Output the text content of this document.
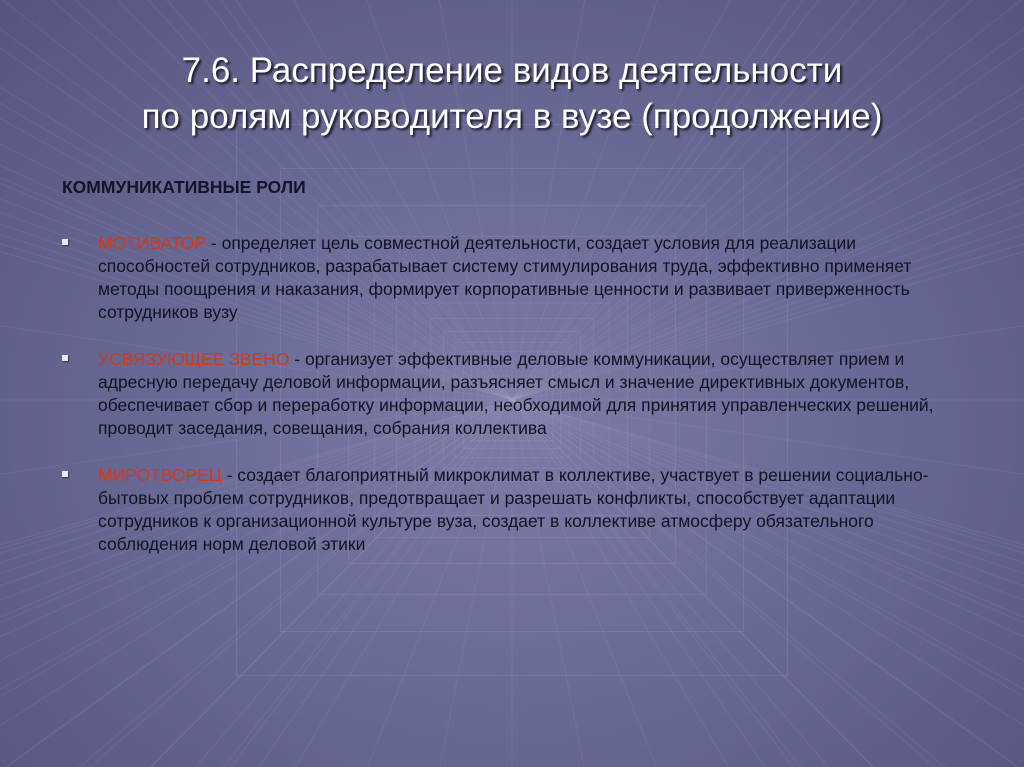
7.6. Распределение видов деятельности
по ролям руководителя в вузе (продолжение)
КОММУНИКАТИВНЫЕ РОЛИ
МОТИВАТОР - определяет цель совместной деятельности, создает условия для реализации способностей сотрудников, разрабатывает систему стимулирования труда, эффективно применяет методы поощрения и наказания, формирует корпоративные ценности и развивает приверженность сотрудников вузу
УСВЯЗУЮЩЕЕ ЗВЕНО - организует эффективные деловые коммуникации, осуществляет прием и адресную передачу деловой информации, разъясняет смысл и значение директивных документов, обеспечивает сбор и переработку информации, необходимой для принятия управленческих решений, проводит заседания, совещания, собрания коллектива
МИРОТВОРЕЦ - создает благоприятный микроклимат в коллективе, участвует в решении социально-бытовых проблем сотрудников, предотвращает и разрешать конфликты, способствует адаптации сотрудников к организационной культуре вуза, создает в коллективе атмосферу обязательного соблюдения норм деловой этики
